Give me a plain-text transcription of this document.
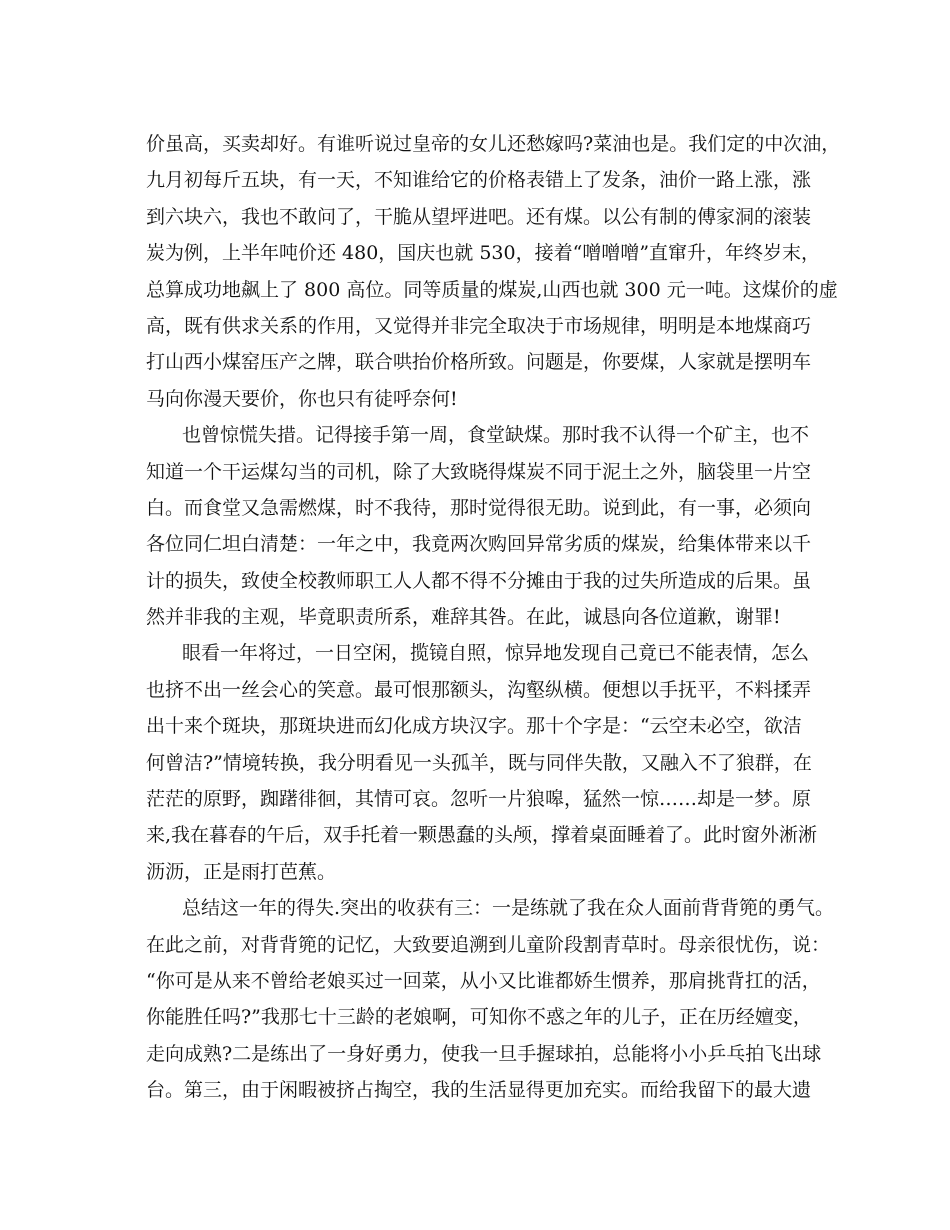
价虽高，买卖却好。有谁听说过皇帝的女儿还愁嫁吗?菜油也是。我们定的中次油，
九月初每斤五块，有一天，不知谁给它的价格表错上了发条，油价一路上涨，涨
到六块六，我也不敢问了，干脆从望坪进吧。还有煤。以公有制的傅家洞的滚装
炭为例，上半年吨价还 480，国庆也就 530，接着“噌噌噌”直窜升，年终岁末，
总算成功地飙上了 800 高位。同等质量的煤炭,山西也就 300 元一吨。这煤价的虚
高，既有供求关系的作用，又觉得并非完全取决于市场规律，明明是本地煤商巧
打山西小煤窑压产之牌，联合哄抬价格所致。问题是，你要煤，人家就是摆明车
马向你漫天要价，你也只有徒呼奈何!
也曾惊慌失措。记得接手第一周，食堂缺煤。那时我不认得一个矿主，也不
知道一个干运煤勾当的司机，除了大致晓得煤炭不同于泥土之外，脑袋里一片空
白。而食堂又急需燃煤，时不我待，那时觉得很无助。说到此，有一事，必须向
各位同仁坦白清楚：一年之中，我竟两次购回异常劣质的煤炭，给集体带来以千
计的损失，致使全校教师职工人人都不得不分摊由于我的过失所造成的后果。虽
然并非我的主观，毕竟职责所系，难辞其咎。在此，诚恳向各位道歉，谢罪!
眼看一年将过，一日空闲，揽镜自照，惊异地发现自己竟已不能表情，怎么
也挤不出一丝会心的笑意。最可恨那额头，沟壑纵横。便想以手抚平，不料揉弄
出十来个斑块，那斑块进而幻化成方块汉字。那十个字是：“云空未必空，欲洁
何曾洁?”情境转换，我分明看见一头孤羊，既与同伴失散，又融入不了狼群，在
茫茫的原野，踟躇徘徊，其情可哀。忽听一片狼嗥，猛然一惊……却是一梦。原
来,我在暮春的午后，双手托着一颗愚蠢的头颅，撑着桌面睡着了。此时窗外淅淅
沥沥，正是雨打芭蕉。
总结这一年的得失.突出的收获有三：一是练就了我在众人面前背背篼的勇气。
在此之前，对背背篼的记忆，大致要追溯到儿童阶段割青草时。母亲很忧伤，说：
“你可是从来不曾给老娘买过一回菜，从小又比谁都娇生惯养，那肩挑背扛的活，
你能胜任吗?”我那七十三龄的老娘啊，可知你不惑之年的儿子，正在历经嬗变，
走向成熟?二是练出了一身好勇力，使我一旦手握球拍，总能将小小乒乓拍飞出球
台。第三，由于闲暇被挤占掏空，我的生活显得更加充实。而给我留下的最大遗
